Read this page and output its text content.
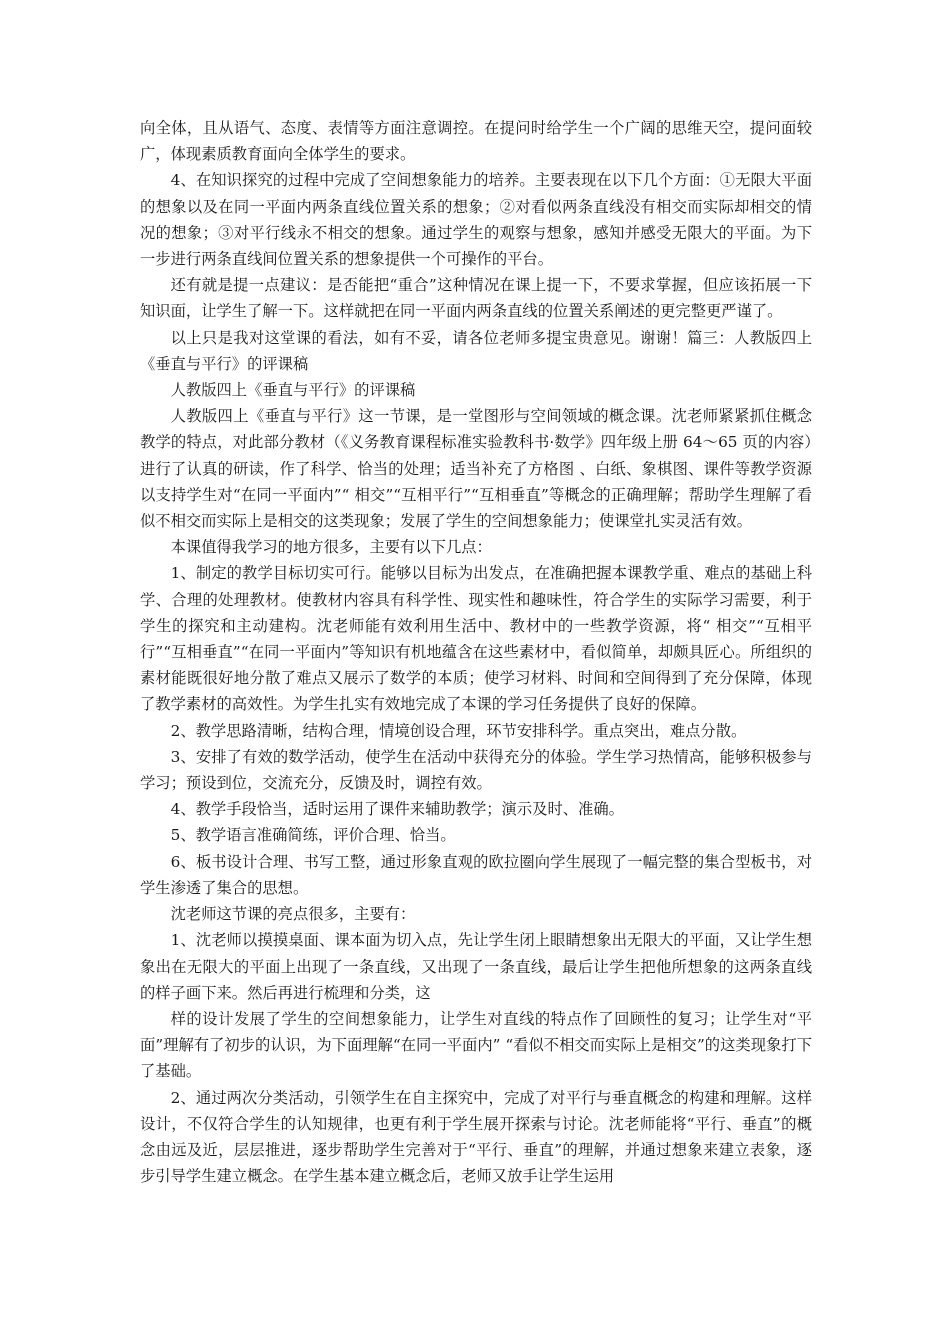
向全体，且从语气、态度、表情等方面注意调控。在提问时给学生一个广阔的思维天空，提问面较广，体现素质教育面向全体学生的要求。

4、在知识探究的过程中完成了空间想象能力的培养。主要表现在以下几个方面：①无限大平面的想象以及在同一平面内两条直线位置关系的想象；②对看似两条直线没有相交而实际却相交的情况的想象；③对平行线永不相交的想象。通过学生的观察与想象，感知并感受无限大的平面。为下一步进行两条直线间位置关系的想象提供一个可操作的平台。

还有就是提一点建议：是否能把“重合”这种情况在课上提一下，不要求掌握，但应该拓展一下知识面，让学生了解一下。这样就把在同一平面内两条直线的位置关系阐述的更完整更严谨了。

以上只是我对这堂课的看法，如有不妥，请各位老师多提宝贵意见。谢谢！篇三：人教版四上《垂直与平行》的评课稿

人教版四上《垂直与平行》的评课稿

人教版四上《垂直与平行》这一节课，是一堂图形与空间领域的概念课。沈老师紧紧抓住概念教学的特点，对此部分教材（《义务教育课程标准实验教科书·数学》四年级上册 64～65 页的内容）进行了认真的研读，作了科学、恰当的处理；适当补充了方格图 、白纸、象棋图、课件等教学资源以支持学生对“在同一平面内”“ 相交”“互相平行”“互相垂直”等概念的正确理解；帮助学生理解了看似不相交而实际上是相交的这类现象；发展了学生的空间想象能力；使课堂扎实灵活有效。

本课值得我学习的地方很多，主要有以下几点：

1、制定的教学目标切实可行。能够以目标为出发点，在准确把握本课教学重、难点的基础上科学、合理的处理教材。使教材内容具有科学性、现实性和趣味性，符合学生的实际学习需要，利于学生的探究和主动建构。沈老师能有效利用生活中、教材中的一些教学资源，将“ 相交”“互相平行”“互相垂直”“在同一平面内”等知识有机地蕴含在这些素材中，看似简单，却颇具匠心。所组织的素材能既很好地分散了难点又展示了数学的本质；使学习材料、时间和空间得到了充分保障，体现了教学素材的高效性。为学生扎实有效地完成了本课的学习任务提供了良好的保障。

2、教学思路清晰，结构合理，情境创设合理，环节安排科学。重点突出，难点分散。

3、安排了有效的数学活动，使学生在活动中获得充分的体验。学生学习热情高，能够积极参与学习；预设到位，交流充分，反馈及时，调控有效。

4、教学手段恰当，适时运用了课件来辅助教学；演示及时、准确。

5、教学语言准确简练，评价合理、恰当。

6、板书设计合理、书写工整，通过形象直观的欧拉圈向学生展现了一幅完整的集合型板书，对学生渗透了集合的思想。

沈老师这节课的亮点很多，主要有：

1、沈老师以摸摸桌面、课本面为切入点，先让学生闭上眼睛想象出无限大的平面，又让学生想象出在无限大的平面上出现了一条直线，又出现了一条直线，最后让学生把他所想象的这两条直线的样子画下来。然后再进行梳理和分类，这

样的设计发展了学生的空间想象能力，让学生对直线的特点作了回顾性的复习；让学生对“平面”理解有了初步的认识，为下面理解“在同一平面内” “看似不相交而实际上是相交”的这类现象打下了基础。

2、通过两次分类活动，引领学生在自主探究中，完成了对平行与垂直概念的构建和理解。这样设计，不仅符合学生的认知规律，也更有利于学生展开探索与讨论。沈老师能将“平行、垂直”的概念由远及近，层层推进，逐步帮助学生完善对于“平行、垂直”的理解，并通过想象来建立表象，逐步引导学生建立概念。在学生基本建立概念后，老师又放手让学生运用
